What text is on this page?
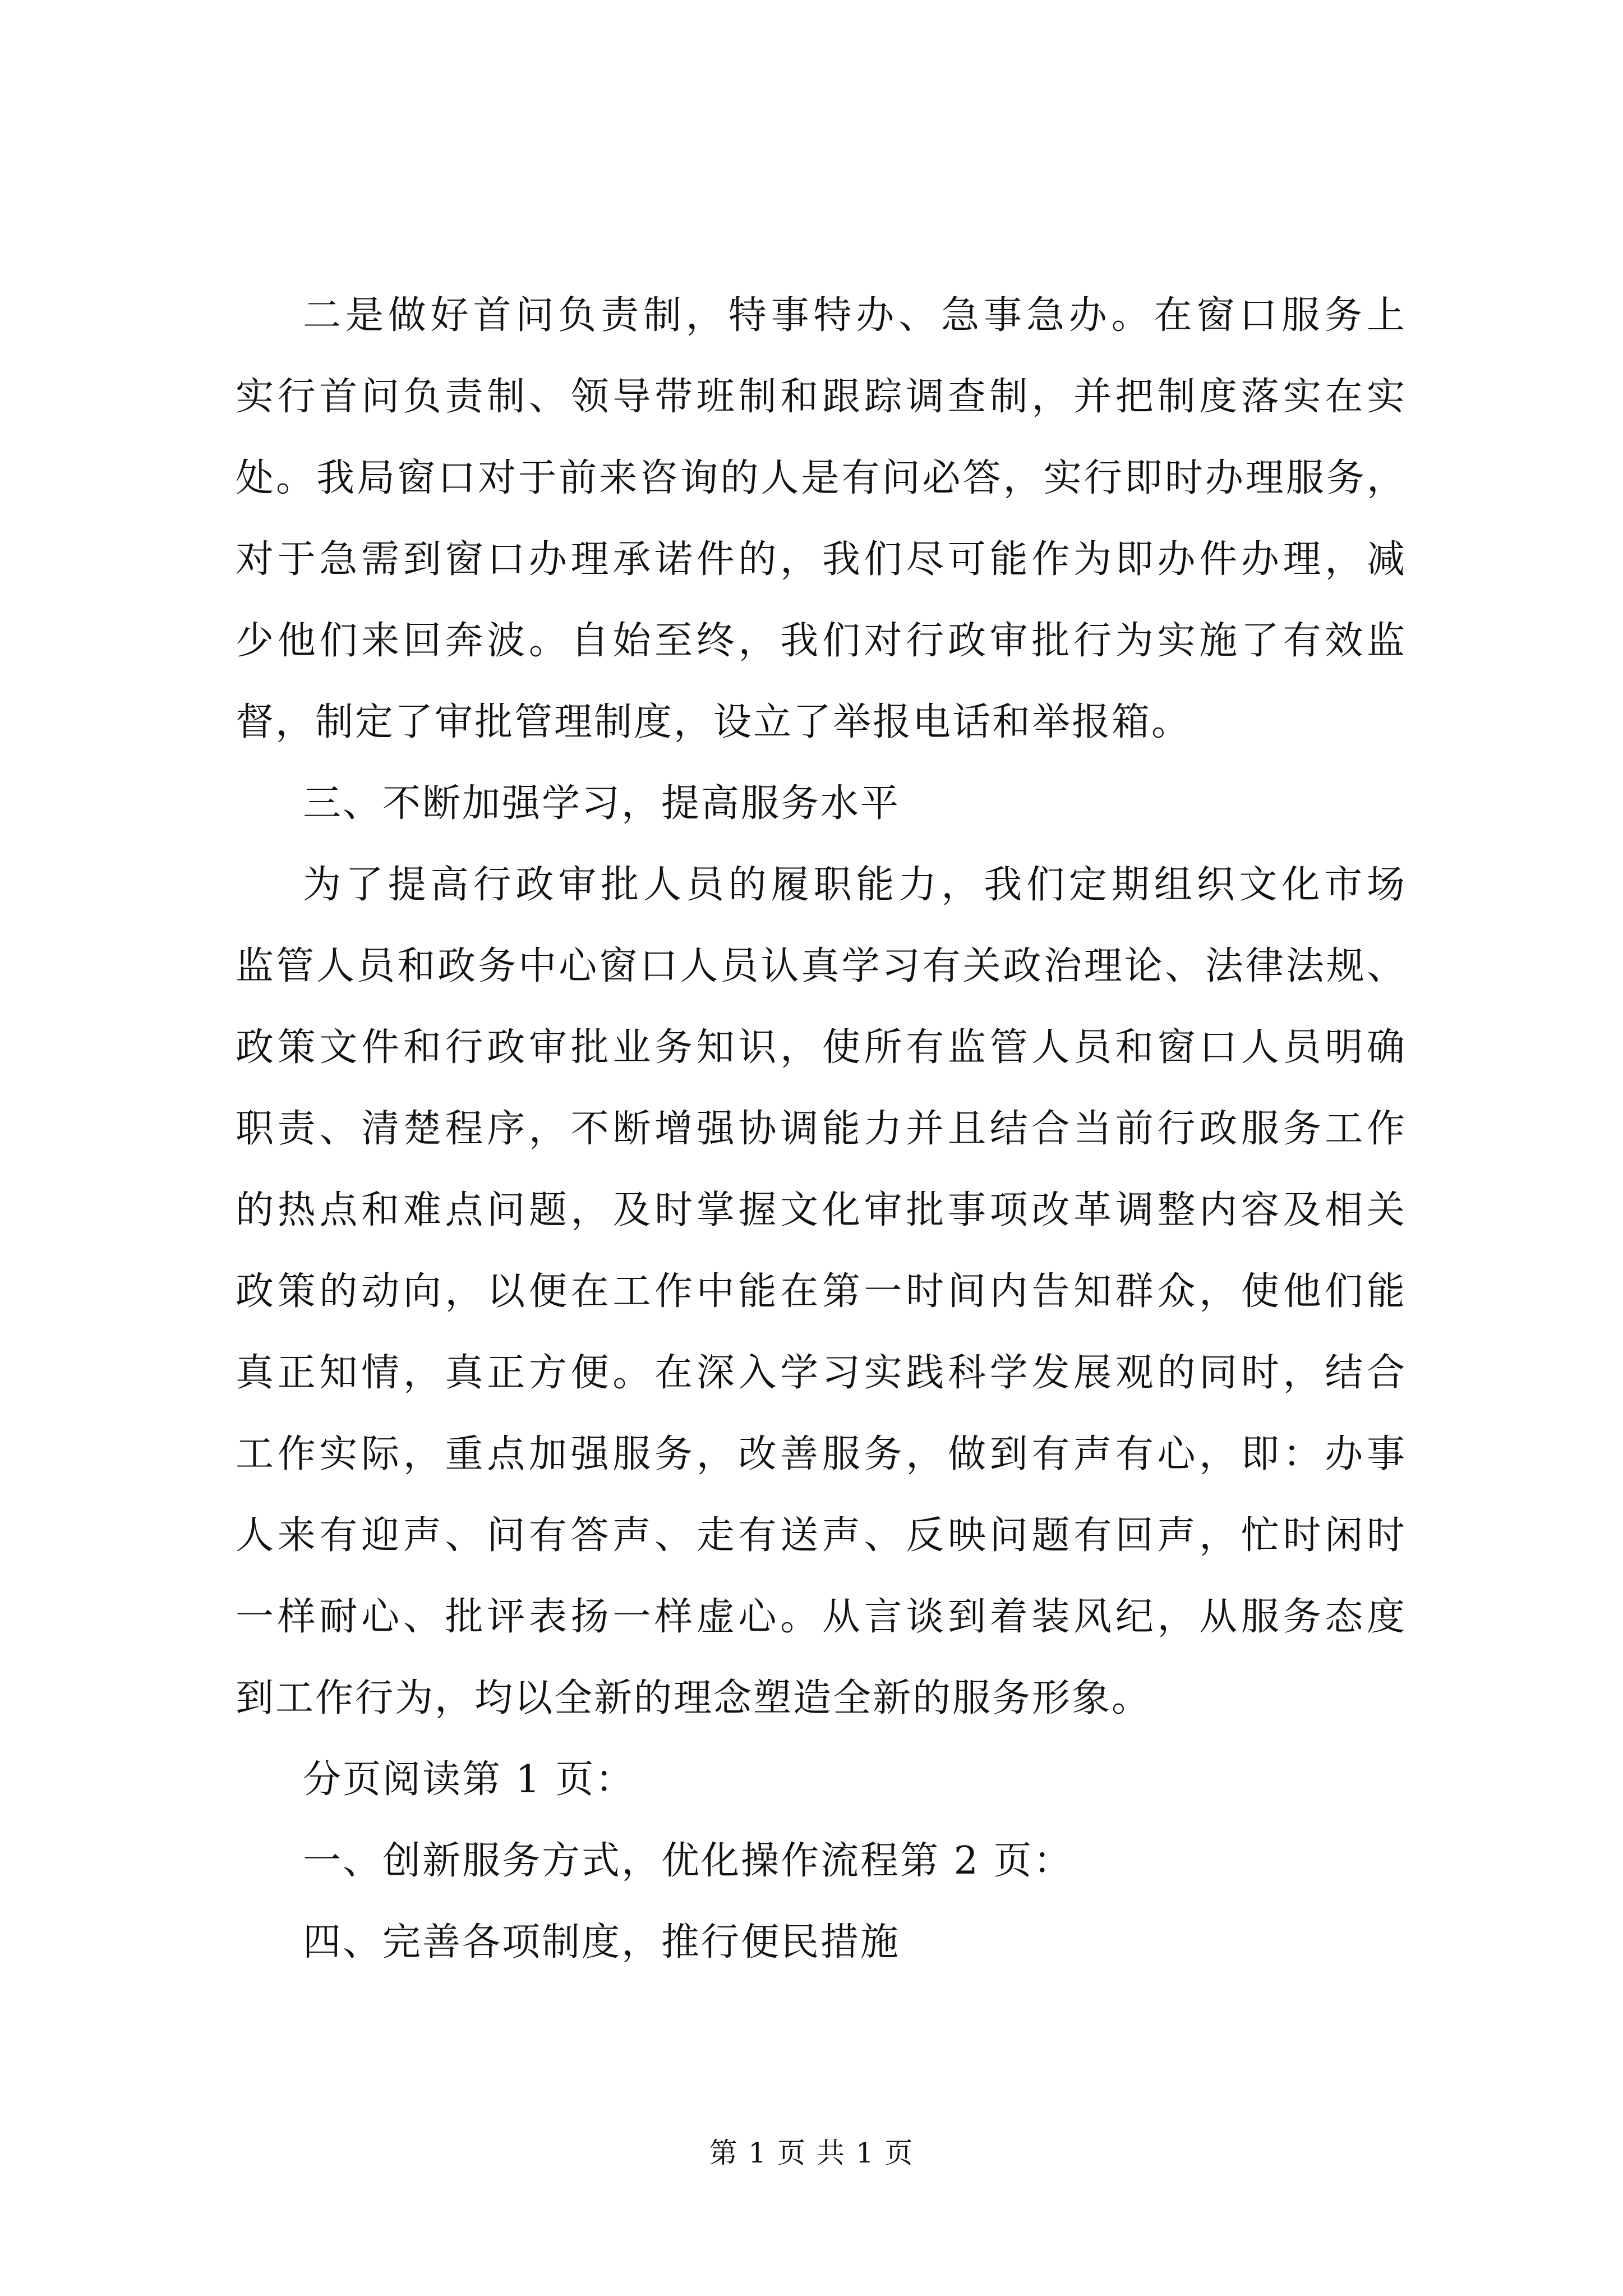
二是做好首问负责制，特事特办、急事急办。在窗口服务上
实行首问负责制、领导带班制和跟踪调查制，并把制度落实在实
处。我局窗口对于前来咨询的人是有问必答，实行即时办理服务，
对于急需到窗口办理承诺件的，我们尽可能作为即办件办理，减
少他们来回奔波。自始至终，我们对行政审批行为实施了有效监
督，制定了审批管理制度，设立了举报电话和举报箱。
三、不断加强学习，提高服务水平
为了提高行政审批人员的履职能力，我们定期组织文化市场
监管人员和政务中心窗口人员认真学习有关政治理论、法律法规、
政策文件和行政审批业务知识，使所有监管人员和窗口人员明确
职责、清楚程序，不断增强协调能力并且结合当前行政服务工作
的热点和难点问题，及时掌握文化审批事项改革调整内容及相关
政策的动向，以便在工作中能在第一时间内告知群众，使他们能
真正知情，真正方便。在深入学习实践科学发展观的同时，结合
工作实际，重点加强服务，改善服务，做到有声有心，即：办事
人来有迎声、问有答声、走有送声、反映问题有回声，忙时闲时
一样耐心、批评表扬一样虚心。从言谈到着装风纪，从服务态度
到工作行为，均以全新的理念塑造全新的服务形象。
分页阅读第 1 页：
一、创新服务方式，优化操作流程第 2 页：
四、完善各项制度，推行便民措施
第 1 页 共 1 页
